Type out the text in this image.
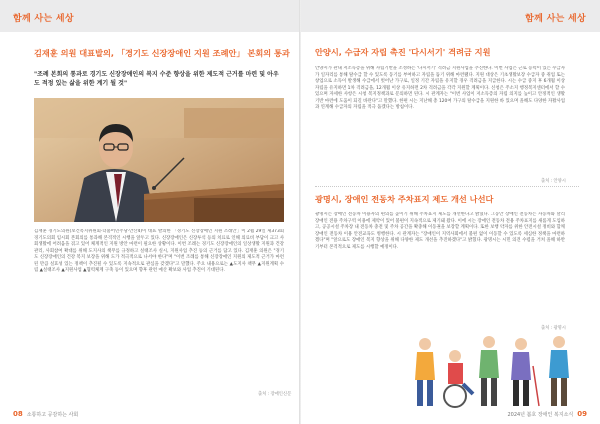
함께 사는 세상	함께 사는 세상
김재훈 의원 대표발의, 「경기도 신장장애인 지원 조례안」 본회의 통과
"조례 본회의 통과로 경기도 신장장애인의 복지 수준 향상을 위한 제도적 근거를 마련 및 아우도 적정 있는 삶을 위한 계기 될 것"
김재훈 경기도의원(보건복지위원회·더불어민주당·안산4)이 대표 발의한 「경기도 신장장애인 지원 조례안」이 2월 29일 제373회 경기도의회 임시회 본회의를 통과해 본격적인 시행을 앞두고 있다. 신장장애인은 신장투석 등의 치료로 인해 의료비 부담이 크고 사회생활에 어려움을 겪고 있어 체계적인 지원 방안 마련이 필요한 상황이다. 이번 조례는 경기도 신장장애인의 일상생활 지원과 건강관리, 사회참여 확대를 위해 도지사의 책무를 규정하고 실태조사 실시, 지원사업 추진 등의 근거를 담고 있다. 김재훈 의원은 "경기도 신장장애인의 건강 복지 보장을 위해 도가 적극적으로 나서야 한다"며 "이번 조례를 통해 신장장애인 지원의 제도적 근거가 마련된 만큼 실효성 있는 정책이 추진될 수 있도록 지속적으로 관심을 갖겠다"고 말했다. 주요 내용으로는 ▲도지사 책무 ▲지원계획 수립 ▲실태조사 ▲지원사업 ▲협력체계 구축 등이 있으며 향후 관련 예산 확보와 사업 추진이 기대된다.
출처 : 장애인신문
안양시, 수급자 자립 촉진 '다시서기' 격려금 지원
안양시가 관내 저소득층을 위해 자립기반을 조성하는 '다시서기' 격려금 지원사업을 추진한다. 이번 사업은 근로 능력이 있는 수급자가 일자리를 통해 탈수급 할 수 있도록 동기를 부여하고 자립을 돕기 위해 마련됐다. 지원 대상은 기초생활보장 수급자 중 취업 또는 창업으로 소득이 발생해 수급에서 벗어난 가구로, 일정 기간 자립을 유지할 경우 격려금을 지급한다. 시는 수급 중지 후 6개월 이상 자립을 유지하면 1차 격려금을, 12개월 이상 유지하면 2차 격려금을 각각 지원할 계획이다. 신청은 주소지 행정복지센터에서 할 수 있으며 자세한 사항은 시청 복지정책과로 문의하면 된다. 시 관계자는 "이번 사업이 저소득층의 자립 의지를 높이고 안정적인 생활 기반 마련에 도움이 되길 바란다"고 말했다. 한편 시는 지난해 총 120여 가구의 탈수급을 지원한 바 있으며 올해도 다양한 자활사업과 연계해 수급자의 자립을 적극 돕겠다는 방침이다.
출처 : 안양시
광명시, 장애인 전동차 주차표지 제도 개선 나선다
광명시는 장애인 전동차 이용자의 편의를 높이기 위해 주차표지 제도를 개선한다고 밝혔다. 그동안 장애인 전동차는 자동차와 달리 장애인 전용 주차구역 이용에 제약이 있어 불편이 지속적으로 제기돼 왔다. 이에 시는 장애인 전동차 전용 주차표지를 새롭게 도입하고, 공공시설 주차장 내 전동차 충전 및 주차 공간을 확충해 이동권을 보장할 계획이다. 또한 보행 약자를 위한 안전시설 정비와 함께 장애인 전동차 이용 안전교육도 병행한다. 시 관계자는 "장애인이 지역사회에서 불편 없이 이동할 수 있도록 세심한 정책을 마련하겠다"며 "앞으로도 장애인 복지 향상을 위해 다양한 제도 개선을 추진하겠다"고 밝혔다. 광명시는 시민 의견 수렴을 거쳐 올해 하반기부터 본격적으로 제도를 시행할 예정이다.
출처 : 광명시
08 소통하고 공감하는 사회	2024년 봄호 장애인 복지소식 09
